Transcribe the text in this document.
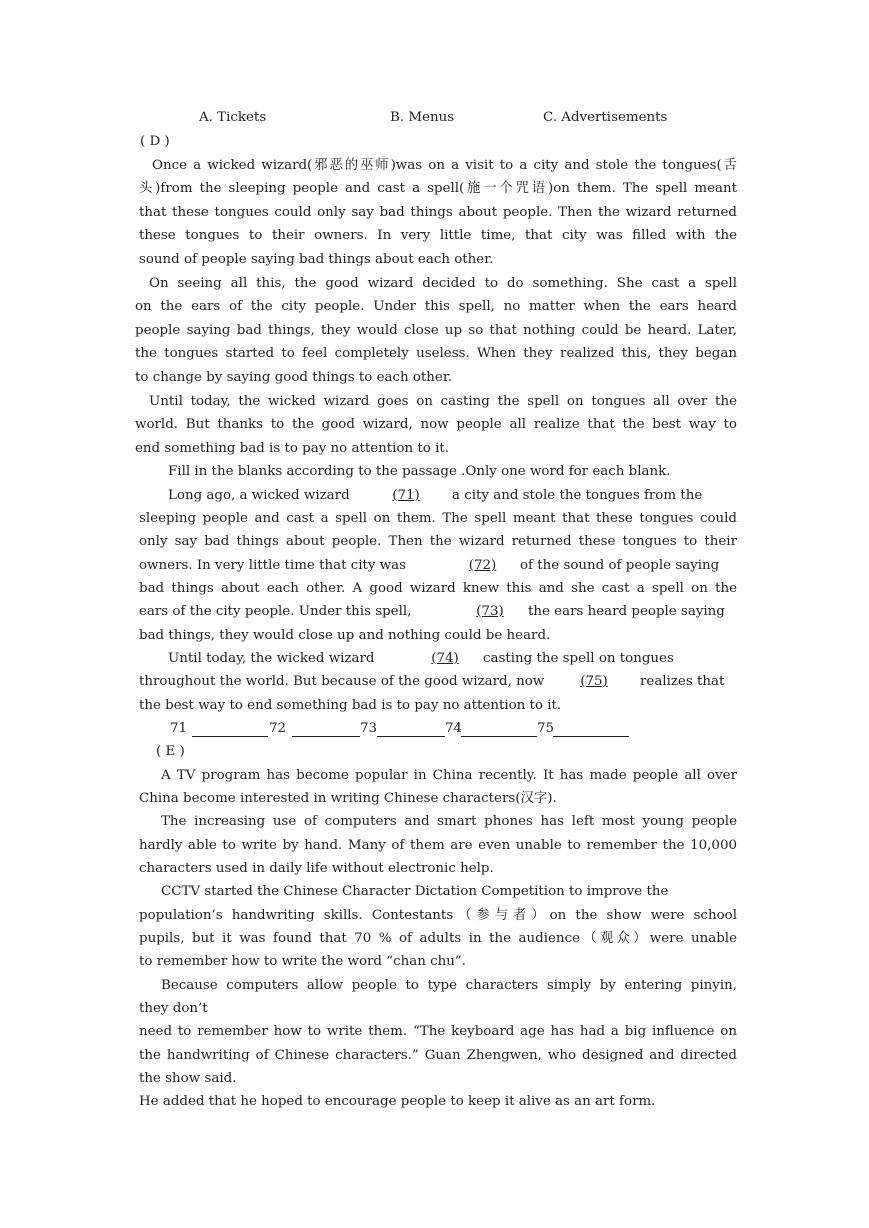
A. Tickets	B. Menus	C. Advertisements
( D )
Once a wicked wizard(邪恶的巫师)was on a visit to a city and stole the tongues(舌
头)from the sleeping people and cast a spell(施一个咒语)on them. The spell meant
that these tongues could only say bad things about people. Then the wizard returned
these tongues to their owners. In very little time, that city was filled with the
sound of people saying bad things about each other.
On seeing all this, the good wizard decided to do something. She cast a spell
on the ears of the city people. Under this spell, no matter when the ears heard
people saying bad things, they would close up so that nothing could be heard. Later,
the tongues started to feel completely useless. When they realized this, they began
to change by saying good things to each other.
Until today, the wicked wizard goes on casting the spell on tongues all over the
world. But thanks to the good wizard, now people all realize that the best way to
end something bad is to pay no attention to it.
Fill in the blanks according to the passage .Only one word for each blank.
Long ago, a wicked wizard	(71)	a city and stole the tongues from the
sleeping people and cast a spell on them. The spell meant that these tongues could
only say bad things about people. Then the wizard returned these tongues to their
owners. In very little time that city was	(72)	of the sound of people saying
bad things about each other. A good wizard knew this and she cast a spell on the
ears of the city people. Under this spell,	(73)	the ears heard people saying
bad things, they would close up and nothing could be heard.
Until today, the wicked wizard	(74)	casting the spell on tongues
throughout the world. But because of the good wizard, now	(75)	realizes that
the best way to end something bad is to pay no attention to it.
71	72	73	74	75
( E )
A TV program has become popular in China recently. It has made people all over
China become interested in writing Chinese characters(汉字).
The increasing use of computers and smart phones has left most young people
hardly able to write by hand. Many of them are even unable to remember the 10,000
characters used in daily life without electronic help.
CCTV started the Chinese Character Dictation Competition to improve the
population’s handwriting skills. Contestants（参与者）on the show were school
pupils, but it was found that 70 % of adults in the audience（观众）were unable
to remember how to write the word “chan chu”.
Because computers allow people to type characters simply by entering pinyin,
they don’t
need to remember how to write them. “The keyboard age has had a big influence on
the handwriting of Chinese characters.” Guan Zhengwen, who designed and directed
the show said.
He added that he hoped to encourage people to keep it alive as an art form.
